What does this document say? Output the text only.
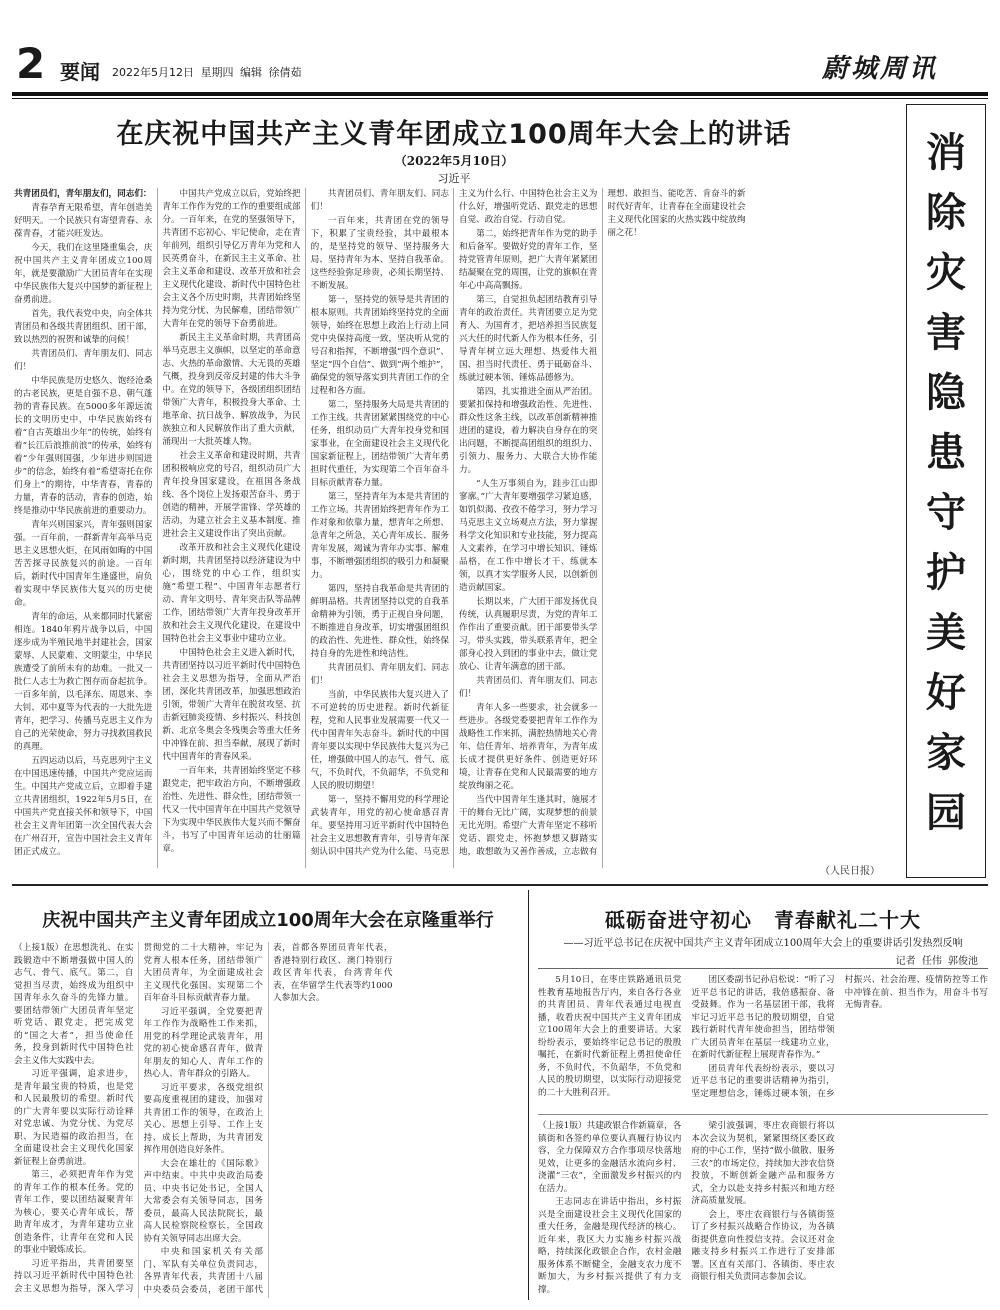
2 要闻 2022年5月12日 星期四 编辑 徐倩茹	蔚城周讯
在庆祝中国共产主义青年团成立100周年大会上的讲话
（2022年5月10日）
习近平

共青团员们，青年朋友们，同志们：

青春孕育无限希望，青年创造美好明天。一个民族只有寄望青春、永葆青春，才能兴旺发达。

今天，我们在这里隆重集会，庆祝中国共产主义青年团成立100周年，就是要激励广大团员青年在实现中华民族伟大复兴中国梦的新征程上奋勇前进。

首先，我代表党中央，向全体共青团员和各级共青团组织、团干部，致以热烈的祝贺和诚挚的问候！

共青团员们、青年朋友们、同志们！

中华民族是历史悠久、饱经沧桑的古老民族，更是自强不息、朝气蓬勃的青春民族。在5000多年源远流长的文明历史中，中华民族始终有着“自古英雄出少年”的传统，始终有着“长江后浪推前浪”的传承，始终有着“少年强则国强，少年进步则国进步”的信念，始终有着“希望寄托在你们身上”的期待，中华青春，青春的力量，青春的活动，青春的创造，始终是推动中华民族前进的重要动力。

青年兴则国家兴，青年强则国家强。一百年前，一群新青年高举马克思主义思想火炬，在风雨如晦的中国苦苦探寻民族复兴的前途。一百年后，新时代中国青年生逢盛世，肩负着实现中华民族伟大复兴的历史使命。

青年的命运，从来都同时代紧密相连。1840年鸦片战争以后，中国逐步成为半殖民地半封建社会，国家蒙辱、人民蒙难、文明蒙尘，中华民族遭受了前所未有的劫难。一批又一批仁人志士为救亡图存而奋起抗争。一百多年前，以毛泽东、周恩来、李大钊、邓中夏等为代表的一大批先进青年，把学习、传播马克思主义作为自己的光荣使命，努力寻找救国救民的真理。

五四运动以后，马克思列宁主义在中国迅速传播，中国共产党应运而生。中国共产党成立后，立即着手建立共青团组织，1922年5月5日，在中国共产党直接关怀和领导下，中国社会主义青年团第一次全国代表大会在广州召开，宣告中国社会主义青年团正式成立。

中国共产党成立以后，党始终把青年工作作为党的工作的重要组成部分。一百年来，在党的坚强领导下，共青团不忘初心、牢记使命，走在青年前列，组织引导亿万青年为党和人民英勇奋斗，在新民主主义革命、社会主义革命和建设、改革开放和社会主义现代化建设、新时代中国特色社会主义各个历史时期，共青团始终坚持为党分忧、为民解难，团结带领广大青年在党的领导下奋勇前进。

新民主主义革命时期，共青团高举马克思主义旗帜，以坚定的革命意志、火热的革命激情、大无畏的英雄气概，投身到反帝反封建的伟大斗争中。在党的领导下，各级团组织团结带领广大青年，积极投身大革命、土地革命、抗日战争、解放战争，为民族独立和人民解放作出了重大贡献，涌现出一大批英雄人物。

社会主义革命和建设时期，共青团积极响应党的号召，组织动员广大青年投身国家建设，在祖国各条战线、各个岗位上发扬艰苦奋斗、勇于创造的精神，开展学雷锋、学英雄的活动，为建立社会主义基本制度、推进社会主义建设作出了突出贡献。

改革开放和社会主义现代化建设新时期，共青团坚持以经济建设为中心，围绕党的中心工作，组织实施“希望工程”、中国青年志愿者行动、青年文明号、青年突击队等品牌工作，团结带领广大青年投身改革开放和社会主义现代化建设，在建设中国特色社会主义事业中建功立业。

中国特色社会主义进入新时代，共青团坚持以习近平新时代中国特色社会主义思想为指导，全面从严治团，深化共青团改革，加强思想政治引领，带领广大青年在脱贫攻坚、抗击新冠肺炎疫情、乡村振兴、科技创新、北京冬奥会冬残奥会等重大任务中冲锋在前、担当奉献，展现了新时代中国青年的青春风采。

一百年来，共青团始终坚定不移跟党走，把牢政治方向，不断增强政治性、先进性、群众性，团结带领一代又一代中国青年在中国共产党领导下为实现中华民族伟大复兴而不懈奋斗，书写了中国青年运动的壮丽篇章。

共青团员们、青年朋友们、同志们！

一百年来，共青团在党的领导下，积累了宝贵经验，其中最根本的，是坚持党的领导、坚持服务大局、坚持青年为本、坚持自我革命。这些经验弥足珍贵，必须长期坚持、不断发展。

第一，坚持党的领导是共青团的根本原则。共青团始终坚持党的全面领导，始终在思想上政治上行动上同党中央保持高度一致，坚决听从党的号召和指挥，不断增强“四个意识”、坚定“四个自信”、做到“两个维护”，确保党的领导落实到共青团工作的全过程和各方面。

第二，坚持服务大局是共青团的工作主线。共青团紧紧围绕党的中心任务，组织动员广大青年投身党和国家事业，在全面建设社会主义现代化国家新征程上，团结带领广大青年勇担时代重任，为实现第二个百年奋斗目标贡献青春力量。

第三，坚持青年为本是共青团的工作立场。共青团始终把青年作为工作对象和依靠力量，想青年之所想、急青年之所急，关心青年成长、服务青年发展，竭诚为青年办实事、解难事，不断增强团组织的吸引力和凝聚力。

第四，坚持自我革命是共青团的鲜明品格。共青团坚持以党的自我革命精神为引领，勇于正视自身问题，不断推进自身改革，切实增强团组织的政治性、先进性、群众性，始终保持自身的先进性和纯洁性。

共青团员们、青年朋友们、同志们！

当前，中华民族伟大复兴进入了不可逆转的历史进程。新时代新征程，党和人民事业发展需要一代又一代中国青年矢志奋斗。新时代的中国青年要以实现中华民族伟大复兴为己任，增强做中国人的志气、骨气、底气，不负时代，不负韶华，不负党和人民的殷切期望！

第一，坚持不懈用党的科学理论武装青年，用党的初心使命感召青年。要坚持用习近平新时代中国特色社会主义思想教育青年，引导青年深刻认识中国共产党为什么能、马克思主义为什么行、中国特色社会主义为什么好，增强听党话、跟党走的思想自觉、政治自觉、行动自觉。

第二，始终把青年作为党的助手和后备军。要做好党的青年工作，坚持党管青年原则，把广大青年紧紧团结凝聚在党的周围，让党的旗帜在青年心中高高飘扬。

第三，自觉担负起团结教育引导青年的政治责任。共青团要立足为党育人、为国育才，把培养担当民族复兴大任的时代新人作为根本任务，引导青年树立远大理想、热爱伟大祖国、担当时代责任、勇于砥砺奋斗、练就过硬本领、锤炼品德修为。

第四，扎实推进全面从严治团。要紧扣保持和增强政治性、先进性、群众性这条主线，以改革创新精神推进团的建设，着力解决自身存在的突出问题，不断提高团组织的组织力、引领力、服务力、大联合大协作能力。

“人生万事须自为，跬步江山即寥廓。”广大青年要增强学习紧迫感，如饥似渴、孜孜不倦学习，努力学习马克思主义立场观点方法，努力掌握科学文化知识和专业技能，努力提高人文素养，在学习中增长知识、锤炼品格，在工作中增长才干、练就本领，以真才实学服务人民，以创新创造贡献国家。

长期以来，广大团干部发扬优良传统，认真履职尽责，为党的青年工作作出了重要贡献。团干部要带头学习，带头实践，带头联系青年，把全部身心投入到团的事业中去，做让党放心、让青年满意的团干部。

共青团员们、青年朋友们、同志们！

青年人多一些要求，社会就多一些进步。各级党委要把青年工作作为战略性工作来抓，满腔热情地关心青年、信任青年、培养青年，为青年成长成才提供更好条件、创造更好环境，让青春在党和人民最需要的地方绽放绚丽之花。

当代中国青年生逢其时，施展才干的舞台无比广阔，实现梦想的前景无比光明。希望广大青年坚定不移听党话、跟党走，怀抱梦想又脚踏实地，敢想敢为又善作善成，立志做有理想、敢担当、能吃苦、肯奋斗的新时代好青年，让青春在全面建设社会主义现代化国家的火热实践中绽放绚丽之花！

（人民日报）
消
除
灾
害
隐
患
守
护
美
好
家
园
庆祝中国共产主义青年团成立100周年大会在京隆重举行

（上接1版）在思想洗礼、在实践锻造中不断增强做中国人的志气、骨气、底气。第二，自觉担当尽责，始终成为组织中国青年永久奋斗的先锋力量。要团结带领广大团员青年坚定听党话、跟党走，把完成党的“国之大者”，担当使命任务，投身到新时代中国特色社会主义伟大实践中去。

习近平强调，追求进步，是青年最宝贵的特质，也是党和人民最殷切的希望。新时代的广大青年要以实际行动诠释对党忠诚、为党分忧、为党尽职、为民造福的政治担当，在全面建设社会主义现代化国家新征程上奋勇前进。

第三，必须把青年作为党的青年工作的根本任务。党的青年工作，要以团结凝聚青年为核心，要关心青年成长，帮助青年成才，为青年建功立业创造条件，让青年在党和人民的事业中锻炼成长。

习近平指出，共青团要坚持以习近平新时代中国特色社会主义思想为指导，深入学习贯彻党的二十大精神，牢记为党育人根本任务，团结带领广大团员青年，为全面建成社会主义现代化强国、实现第二个百年奋斗目标贡献青春力量。

习近平强调，全党要把青年工作作为战略性工作来抓，用党的科学理论武装青年，用党的初心使命感召青年，做青年朋友的知心人、青年工作的热心人、青年群众的引路人。

习近平要求，各级党组织要高度重视团的建设，加强对共青团工作的领导，在政治上关心、思想上引导、工作上支持、成长上帮助，为共青团发挥作用创造良好条件。

大会在雄壮的《国际歌》声中结束。中共中央政治局委员、中央书记处书记，全国人大常委会有关领导同志，国务委员，最高人民法院院长，最高人民检察院检察长，全国政协有关领导同志出席大会。

中央和国家机关有关部门、军队有关单位负责同志，各界青年代表，共青团十八届中央委员会委员，老团干部代表，首都各界团员青年代表，香港特别行政区、澳门特别行政区青年代表，台湾青年代表，在华留学生代表等约1000人参加大会。

砥砺奋进守初心 青春献礼二十大
——习近平总书记在庆祝中国共产主义青年团成立100周年大会上的重要讲话引发热烈反响
记者 任伟 郭俊池

5月10日，在枣庄铁路通讯员党性教育基地报告厅内，来自各行各业的共青团员、青年代表通过电视直播，收看庆祝中国共产主义青年团成立100周年大会上的重要讲话。大家纷纷表示，要始终牢记总书记的殷殷嘱托，在新时代新征程上勇担使命任务，不负时代，不负韶华，不负党和人民的殷切期望，以实际行动迎接党的二十大胜利召开。

团区委副书记孙启松说：“听了习近平总书记的讲话，我倍感振奋、备受鼓舞。作为一名基层团干部，我将牢记习近平总书记的殷切期望，自觉践行新时代青年使命担当，团结带领广大团员青年在基层一线建功立业，在新时代新征程上展现青春作为。”

团员青年代表纷纷表示，要以习近平总书记的重要讲话精神为指引，坚定理想信念，锤炼过硬本领，在乡村振兴、社会治理、疫情防控等工作中冲锋在前、担当作为，用奋斗书写无悔青春。

（上接1版）共建政银合作新篇章，各镇街和各签约单位要认真履行协议内容，全力保障双方合作事项尽快落地见效，让更多的金融活水流向乡村、浇灌“三农”，全面激发乡村振兴的内在活力。

王志同志在讲话中指出，乡村振兴是全面建设社会主义现代化国家的重大任务，金融是现代经济的核心。近年来，我区大力实施乡村振兴战略，持续深化政银企合作，农村金融服务体系不断健全，金融支农力度不断加大，为乡村振兴提供了有力支撑。

梁引波强调，枣庄农商银行将以本次会议为契机，紧紧围绕区委区政府的中心工作，坚持“做小做散、服务三农”的市场定位，持续加大涉农信贷投放，不断创新金融产品和服务方式，全力以赴支持乡村振兴和地方经济高质量发展。

会上，枣庄农商银行与各镇街签订了乡村振兴战略合作协议，为各镇街提供意向性授信支持。会议还对金融支持乡村振兴工作进行了安排部署。区直有关部门、各镇街、枣庄农商银行相关负责同志参加会议。
